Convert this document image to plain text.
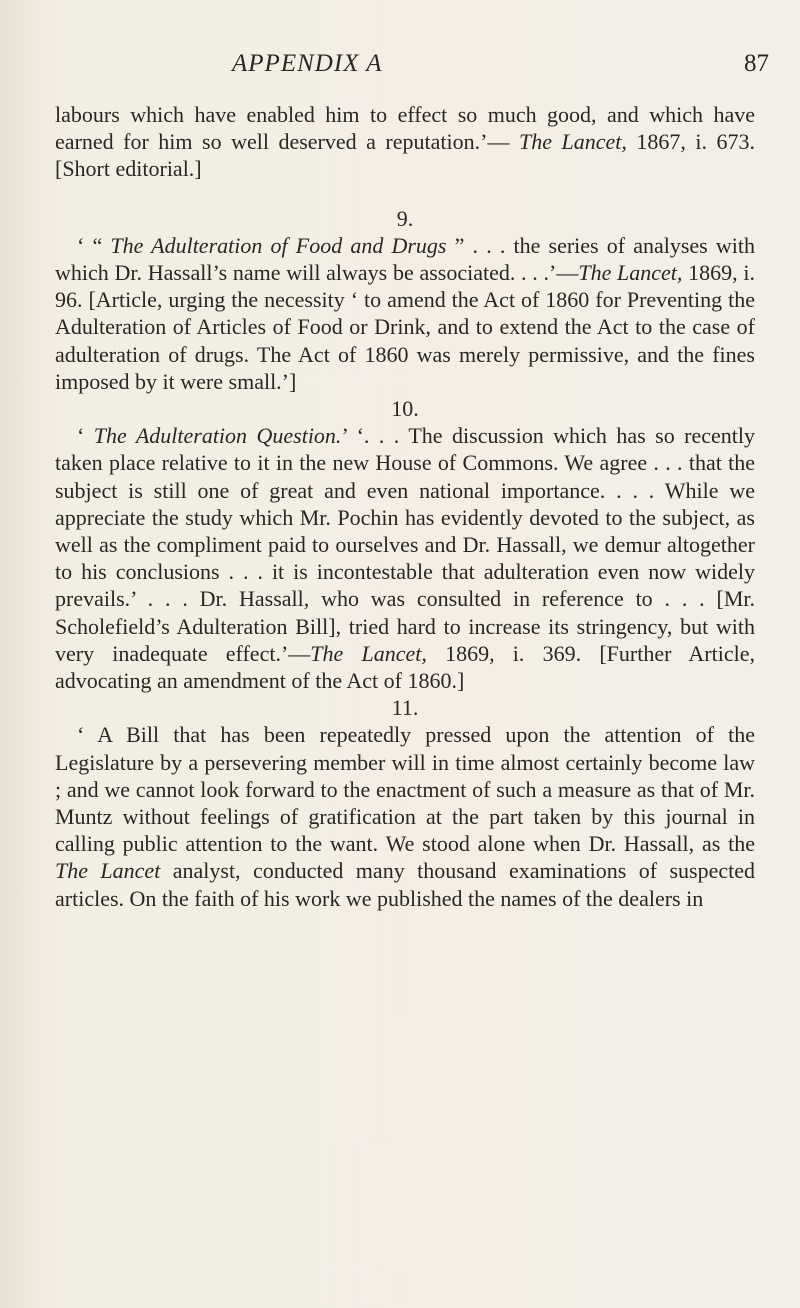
APPENDIX A	87

labours which have enabled him to effect so much good, and which have earned for him so well deserved a reputation.’— The Lancet, 1867, i. 673. [Short editorial.]

9.

‘ “ The Adulteration of Food and Drugs ” . . . the series of analyses with which Dr. Hassall’s name will always be associated. . . .’—The Lancet, 1869, i. 96. [Article, urging the necessity ‘ to amend the Act of 1860 for Preventing the Adulteration of Articles of Food or Drink, and to extend the Act to the case of adulteration of drugs. The Act of 1860 was merely permissive, and the fines imposed by it were small.’]

10.

‘ The Adulteration Question.’ ‘. . . The discussion which has so recently taken place relative to it in the new House of Commons. We agree . . . that the subject is still one of great and even national importance. . . . While we appreciate the study which Mr. Pochin has evidently devoted to the subject, as well as the compliment paid to ourselves and Dr. Hassall, we demur altogether to his conclusions . . . it is incontestable that adulteration even now widely prevails.’ . . . Dr. Hassall, who was consulted in reference to . . . [Mr. Scholefield’s Adulteration Bill], tried hard to increase its stringency, but with very inadequate effect.’—The Lancet, 1869, i. 369. [Further Article, advocating an amendment of the Act of 1860.]

11.

‘ A Bill that has been repeatedly pressed upon the attention of the Legislature by a persevering member will in time almost certainly become law ; and we cannot look forward to the enactment of such a measure as that of Mr. Muntz without feelings of gratification at the part taken by this journal in calling public attention to the want. We stood alone when Dr. Hassall, as the The Lancet analyst, conducted many thousand examinations of suspected articles. On the faith of his work we published the names of the dealers in
